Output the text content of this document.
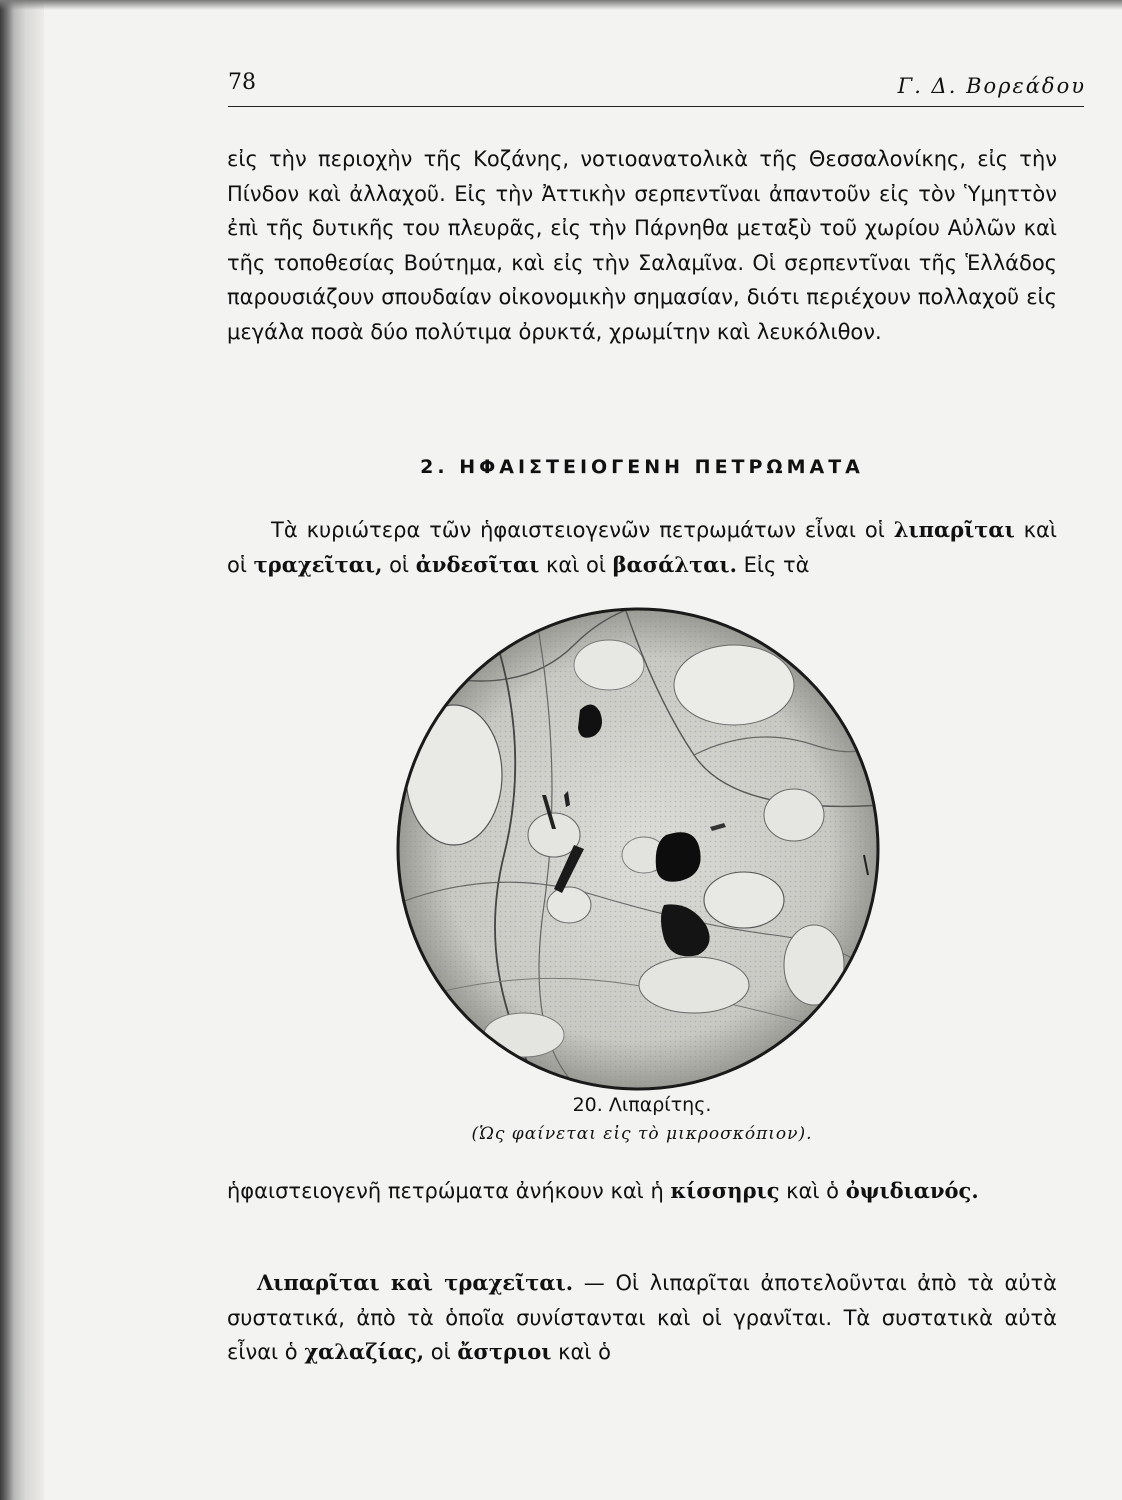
78	Γ. Δ. Βορεάδου

εἰς τὴν περιοχὴν τῆς Κοζάνης, νοτιοανατολικὰ τῆς Θεσσαλονίκης, εἰς τὴν Πίνδον καὶ ἀλλαχοῦ. Εἰς τὴν Ἀττικὴν σερπεντῖναι ἀπαντοῦν εἰς τὸν Ὑμηττὸν ἐπὶ τῆς δυτικῆς του πλευρᾶς, εἰς τὴν Πάρνηθα μεταξὺ τοῦ χωρίου Αὐλῶν καὶ τῆς τοποθεσίας Βούτημα, καὶ εἰς τὴν Σαλαμῖνα. Οἱ σερπεντῖναι τῆς Ἑλλάδος παρουσιάζουν σπουδαίαν οἰκονομικὴν σημασίαν, διότι περιέχουν πολλαχοῦ εἰς μεγάλα ποσὰ δύο πολύτιμα ὀρυκτά, χρωμίτην καὶ λευκόλιθον.

2. ΗΦΑΙΣΤΕΙΟΓΕΝΗ ΠΕΤΡΩΜΑΤΑ

Τὰ κυριώτερα τῶν ἡφαιστειογενῶν πετρωμάτων εἶναι οἱ λιπαρῖται καὶ οἱ τραχεῖται, οἱ ἀνδεσῖται καὶ οἱ βασάλται. Εἰς τὰ

20. Λιπαρίτης.
(Ὡς φαίνεται εἰς τὸ μικροσκόπιον).

ἡφαιστειογενῆ πετρώματα ἀνήκουν καὶ ἡ κίσσηρις καὶ ὁ ὀψιδιανός.

Λιπαρῖται καὶ τραχεῖται. — Οἱ λιπαρῖται ἀποτελοῦνται ἀπὸ τὰ αὐτὰ συστατικά, ἀπὸ τὰ ὁποῖα συνίστανται καὶ οἱ γρανῖται. Τὰ συστατικὰ αὐτὰ εἶναι ὁ χαλαζίας, οἱ ἄστριοι καὶ ὁ
